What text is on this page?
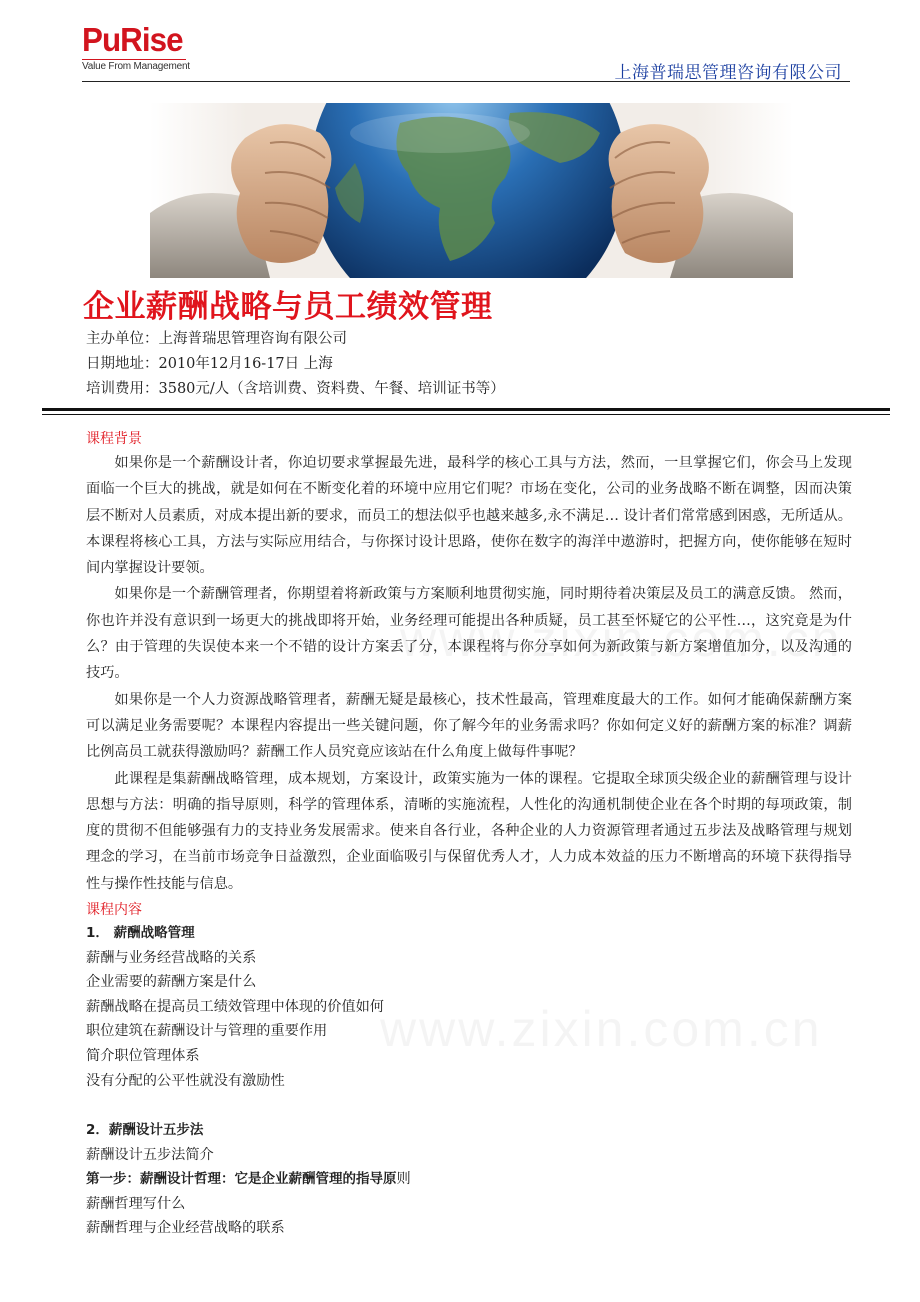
PuRise
Value From Management	上海普瑞思管理咨询有限公司
企业薪酬战略与员工绩效管理
主办单位：上海普瑞思管理咨询有限公司
日期地址：2010年12月16-17日 上海
培训费用：3580元/人（含培训费、资料费、午餐、培训证书等）
课程背景

如果你是一个薪酬设计者，你迫切要求掌握最先进，最科学的核心工具与方法，然而，一旦掌握它们，你会马上发现面临一个巨大的挑战，就是如何在不断变化着的环境中应用它们呢？市场在变化，公司的业务战略不断在调整，因而决策层不断对人员素质，对成本提出新的要求，而员工的想法似乎也越来越多,永不满足… 设计者们常常感到困惑，无所适从。本课程将核心工具，方法与实际应用结合，与你探讨设计思路，使你在数字的海洋中遨游时，把握方向，使你能够在短时间内掌握设计要领。

如果你是一个薪酬管理者，你期望着将新政策与方案顺利地贯彻实施，同时期待着决策层及员工的满意反馈。 然而，你也许并没有意识到一场更大的挑战即将开始，业务经理可能提出各种质疑，员工甚至怀疑它的公平性…，这究竟是为什么？由于管理的失误使本来一个不错的设计方案丢了分，本课程将与你分享如何为新政策与新方案增值加分，以及沟通的技巧。

如果你是一个人力资源战略管理者，薪酬无疑是最核心，技术性最高，管理难度最大的工作。如何才能确保薪酬方案可以满足业务需要呢？本课程内容提出一些关键问题，你了解今年的业务需求吗？你如何定义好的薪酬方案的标准？调薪比例高员工就获得激励吗？薪酬工作人员究竟应该站在什么角度上做每件事呢？

此课程是集薪酬战略管理，成本规划，方案设计，政策实施为一体的课程。它提取全球顶尖级企业的薪酬管理与设计思想与方法：明确的指导原则，科学的管理体系，清晰的实施流程，人性化的沟通机制使企业在各个时期的每项政策，制度的贯彻不但能够强有力的支持业务发展需求。使来自各行业，各种企业的人力资源管理者通过五步法及战略管理与规划理念的学习，在当前市场竞争日益激烈，企业面临吸引与保留优秀人才，人力成本效益的压力不断增高的环境下获得指导性与操作性技能与信息。

课程内容
1． 薪酬战略管理
薪酬与业务经营战略的关系
企业需要的薪酬方案是什么
薪酬战略在提高员工绩效管理中体现的价值如何
职位建筑在薪酬设计与管理的重要作用
简介职位管理体系
没有分配的公平性就没有激励性
2．薪酬设计五步法
薪酬设计五步法简介
第一步：薪酬设计哲理：它是企业薪酬管理的指导原则
薪酬哲理写什么
薪酬哲理与企业经营战略的联系
